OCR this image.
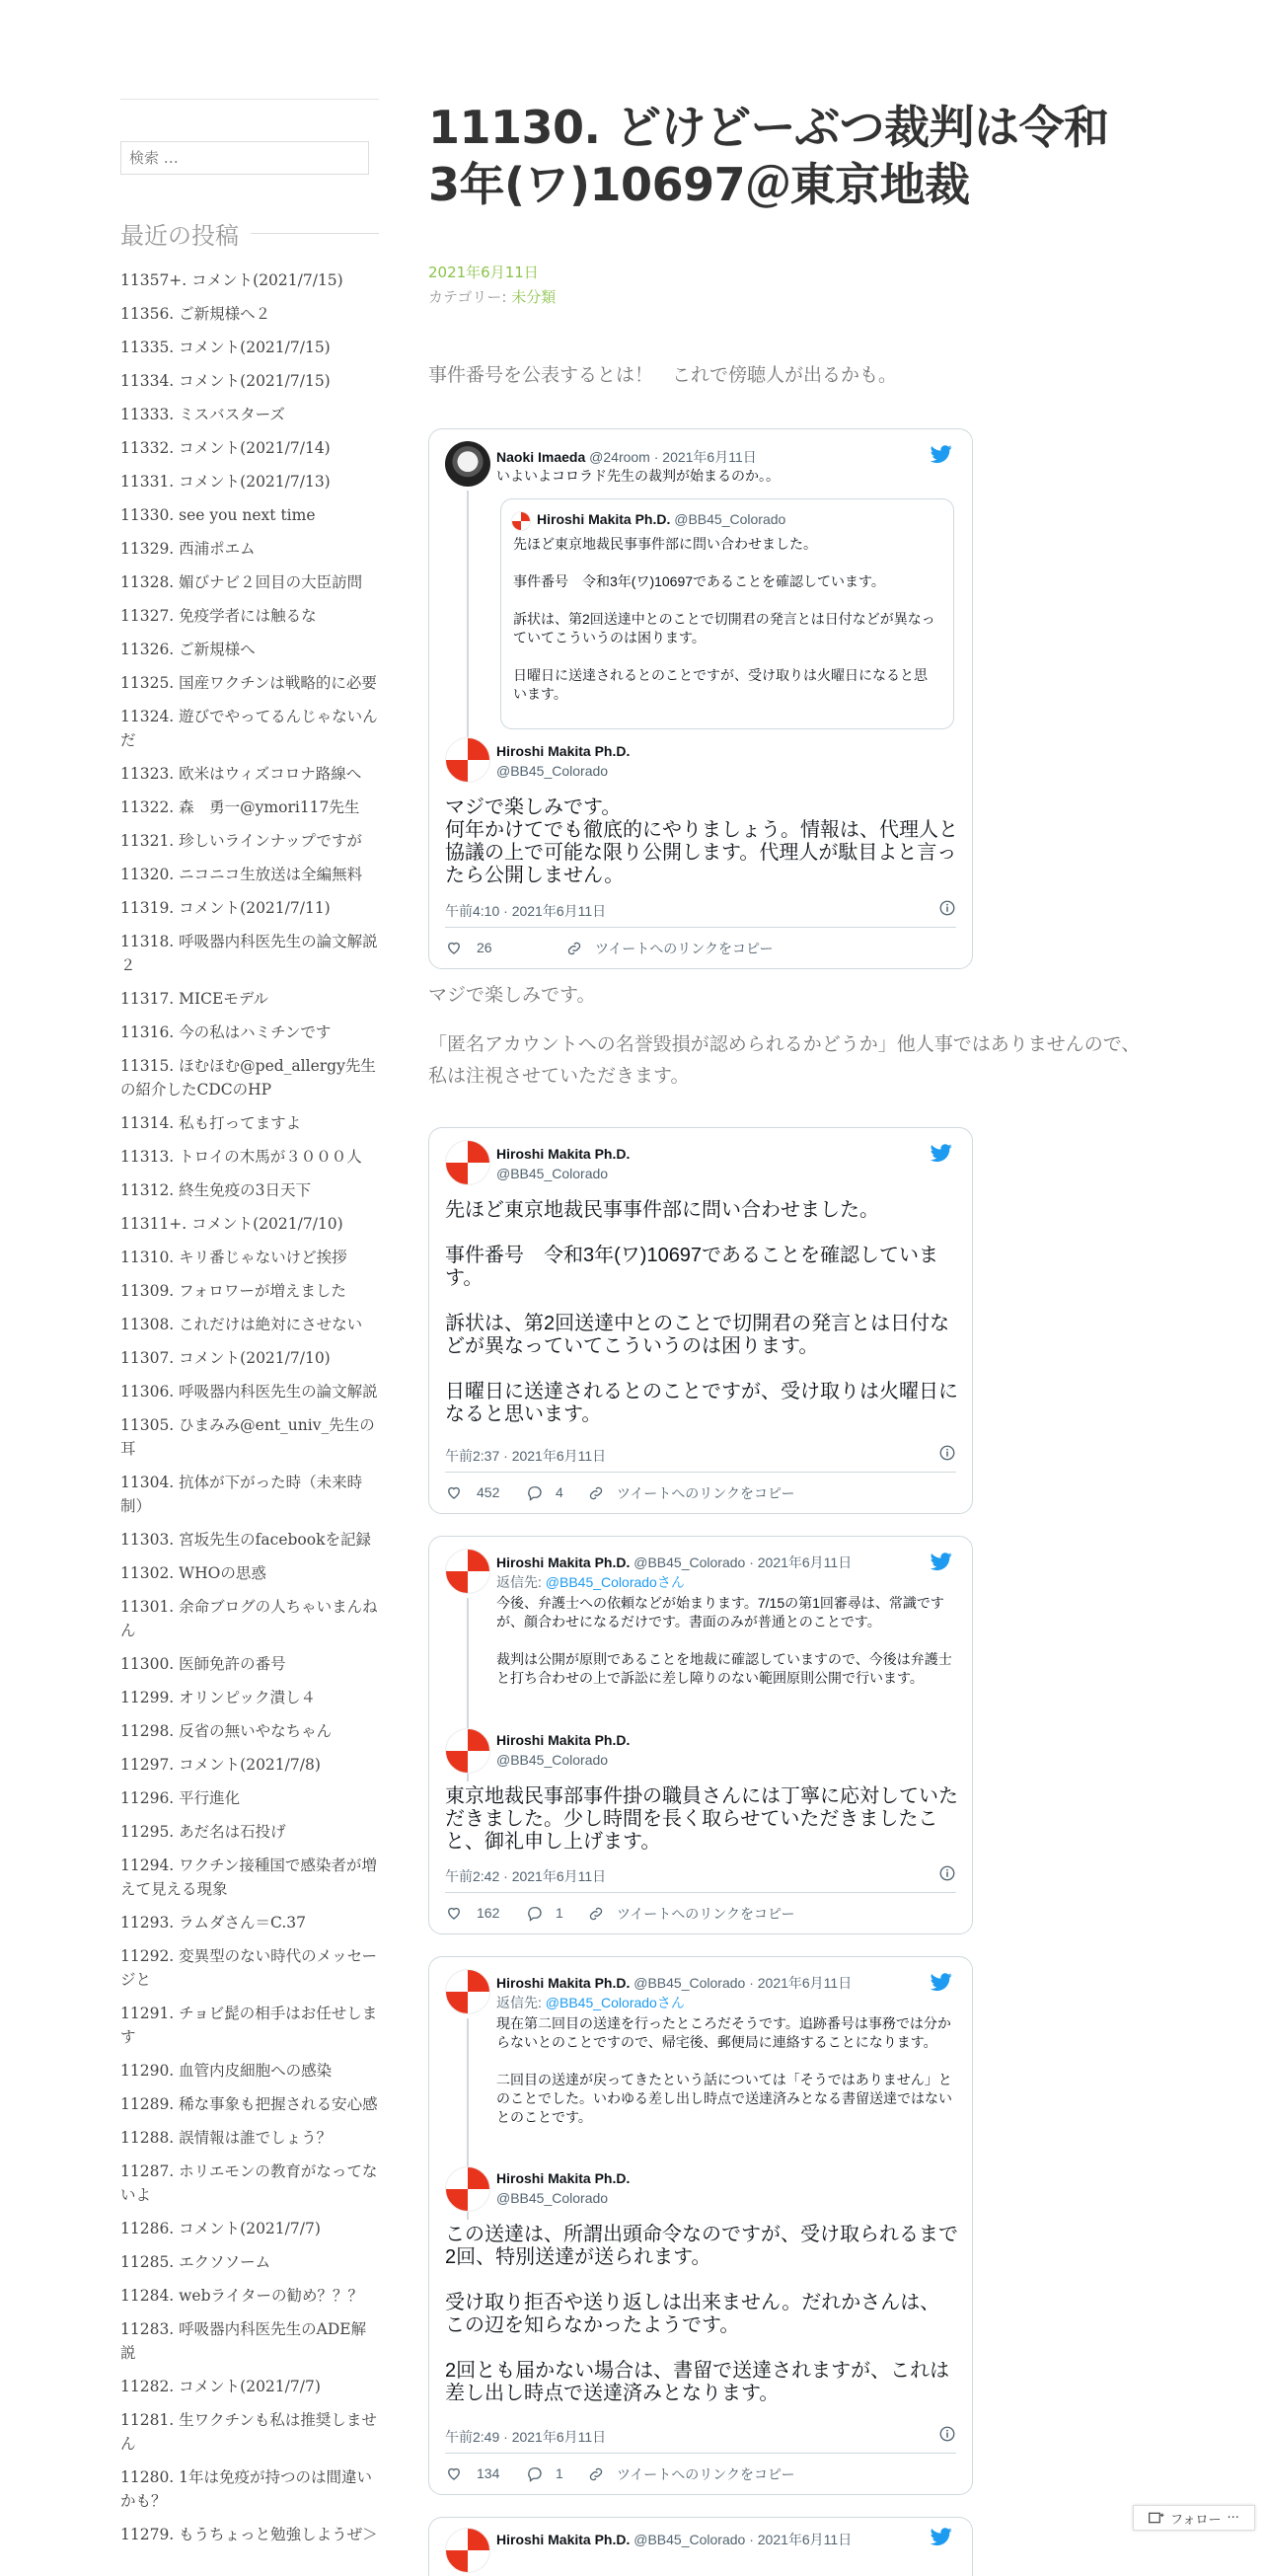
検索 …
最近の投稿
11357+. コメント(2021/7/15)
11356. ご新規様へ２
11335. コメント(2021/7/15)
11334. コメント(2021/7/15)
11333. ミスバスターズ
11332. コメント(2021/7/14)
11331. コメント(2021/7/13)
11330. see you next time
11329. 西浦ポエム
11328. 媚びナビ２回目の大臣訪問
11327. 免疫学者には触るな
11326. ご新規様へ
11325. 国産ワクチンは戦略的に必要
11324. 遊びでやってるんじゃないんだ
11323. 欧米はウィズコロナ路線へ
11322. 森　勇一@ymori117先生
11321. 珍しいラインナップですが
11320. ニコニコ生放送は全編無料
11319. コメント(2021/7/11)
11318. 呼吸器内科医先生の論文解説２
11317. MICEモデル
11316. 今の私はハミチンです
11315. ほむほむ@ped_allergy先生の紹介したCDCのHP
11314. 私も打ってますよ
11313. トロイの木馬が３０００人
11312. 終生免疫の3日天下
11311+. コメント(2021/7/10)
11310. キリ番じゃないけど挨拶
11309. フォロワーが増えました
11308. これだけは絶対にさせない
11307. コメント(2021/7/10)
11306. 呼吸器内科医先生の論文解説
11305. ひまみみ@ent_univ_先生の耳
11304. 抗体が下がった時（未来時制）
11303. 宮坂先生のfacebookを記録
11302. WHOの思惑
11301. 余命ブログの人ちゃいまんねん
11300. 医師免許の番号
11299. オリンピック潰し４
11298. 反省の無いやなちゃん
11297. コメント(2021/7/8)
11296. 平行進化
11295. あだ名は石投げ
11294. ワクチン接種国で感染者が増えて見える現象
11293. ラムダさん＝C.37
11292. 変異型のない時代のメッセージと
11291. チョビ髭の相手はお任せします
11290. 血管内皮細胞への感染
11289. 稀な事象も把握される安心感
11288. 誤情報は誰でしょう？
11287. ホリエモンの教育がなってないよ
11286. コメント(2021/7/7)
11285. エクソソーム
11284. webライターの勧め？？？
11283. 呼吸器内科医先生のADE解説
11282. コメント(2021/7/7)
11281. 生ワクチンも私は推奨しません
11280. 1年は免疫が持つのは間違いかも？
11279. もうちょっと勉強しようぜ＞
11130. どけどーぶつ裁判は令和3年(ワ)10697＠東京地裁
2021年6月11日
カテゴリー: 未分類

事件番号を公表するとは！　これで傍聴人が出るかも。

Naoki Imaeda @24room · 2021年6月11日
いよいよコロラド先生の裁判が始まるのか。。
Hiroshi Makita Ph.D. @BB45_Colorado
先ほど東京地裁民事事件部に問い合わせました。

事件番号　令和3年(ワ)10697であることを確認しています。

訴状は、第2回送達中とのことで切開君の発言とは日付などが異なっていてこういうのは困ります。

日曜日に送達されるとのことですが、受け取りは火曜日になると思います。
Hiroshi Makita Ph.D.
@BB45_Colorado
マジで楽しみです。
何年かけてでも徹底的にやりましょう。情報は、代理人と協議の上で可能な限り公開します。代理人が駄目よと言ったら公開しません。
午前4:10 · 2021年6月11日
26	ツイートへのリンクをコピー

マジで楽しみです。

「匿名アカウントへの名誉毀損が認められるかどうか」他人事ではありませんので、私は注視させていただきます。

Hiroshi Makita Ph.D.
@BB45_Colorado
先ほど東京地裁民事事件部に問い合わせました。

事件番号　令和3年(ワ)10697であることを確認しています。

訴状は、第2回送達中とのことで切開君の発言とは日付などが異なっていてこういうのは困ります。

日曜日に送達されるとのことですが、受け取りは火曜日になると思います。
午前2:37 · 2021年6月11日
452	4	ツイートへのリンクをコピー
Hiroshi Makita Ph.D. @BB45_Colorado · 2021年6月11日
返信先: @BB45_Coloradoさん
今後、弁護士への依頼などが始まります。7/15の第1回審尋は、常識ですが、顔合わせになるだけです。書面のみが普通とのことです。

裁判は公開が原則であることを地裁に確認していますので、今後は弁護士と打ち合わせの上で訴訟に差し障りのない範囲原則公開で行います。
Hiroshi Makita Ph.D.
@BB45_Colorado
東京地裁民事部事件掛の職員さんには丁寧に応対していただきました。少し時間を長く取らせていただきましたこと、御礼申し上げます。
午前2:42 · 2021年6月11日
162	1	ツイートへのリンクをコピー
Hiroshi Makita Ph.D. @BB45_Colorado · 2021年6月11日
返信先: @BB45_Coloradoさん
現在第二回目の送達を行ったところだそうです。追跡番号は事務では分からないとのことですので、帰宅後、郵便局に連絡することになります。

二回目の送達が戻ってきたという話については「そうではありません」とのことでした。いわゆる差し出し時点で送達済みとなる書留送達ではないとのことです。
Hiroshi Makita Ph.D.
@BB45_Colorado
この送達は、所謂出頭命令なのですが、受け取られるまで2回、特別送達が送られます。

受け取り拒否や送り返しは出来ません。だれかさんは、この辺を知らなかったようです。

2回とも届かない場合は、書留で送達されますが、これは差し出し時点で送達済みとなります。
午前2:49 · 2021年6月11日
134	1	ツイートへのリンクをコピー
Hiroshi Makita Ph.D. @BB45_Colorado · 2021年6月11日
フォロー ···
